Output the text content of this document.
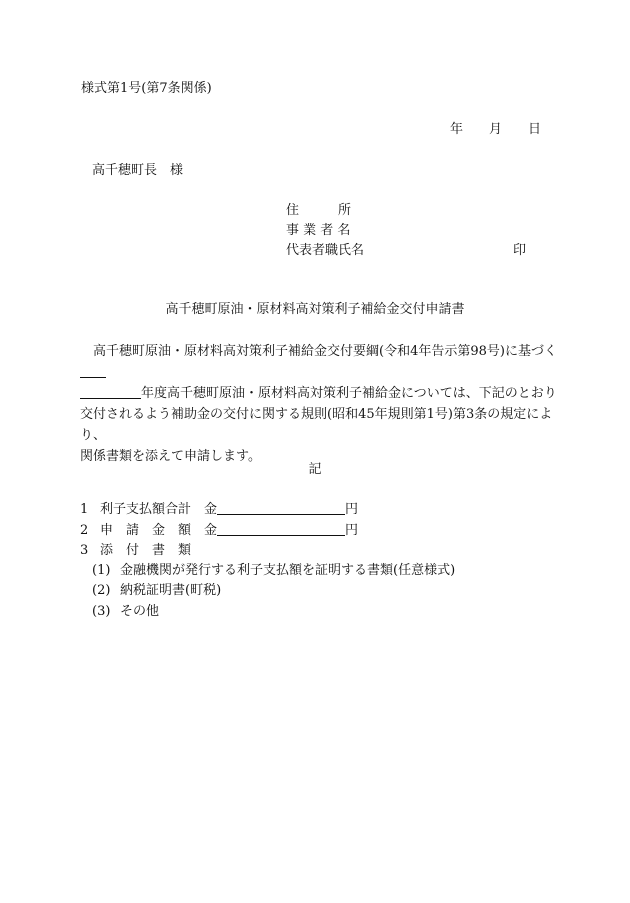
様式第1号(第7条関係)
年 月 日
高千穂町長　様
住　　　所
事 業 者 名
代表者職氏名	印
高千穂町原油・原材料高対策利子補給金交付申請書

高千穂町原油・原材料高対策利子補給金交付要綱(令和4年告示第98号)に基づく

年度高千穂町原油・原材料高対策利子補給金については、下記のとおり

交付されるよう補助金の交付に関する規則(昭和45年規則第1号)第3条の規定により、

関係書類を添えて申請します。

記
1 利子支払額合計　金	円
2 申　請　金　額　金	円
3 添　付　書　類
(1) 金融機関が発行する利子支払額を証明する書類(任意様式)
(2) 納税証明書(町税)
(3) その他
